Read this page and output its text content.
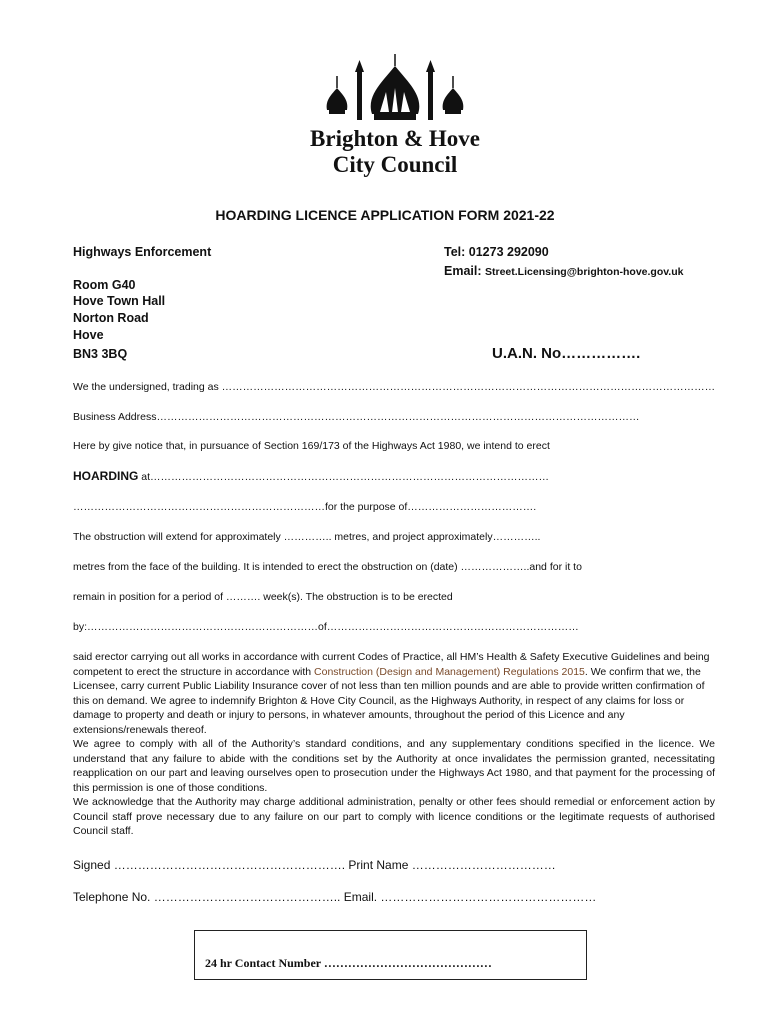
Brighton & Hove
City Council
HOARDING LICENCE APPLICATION FORM 2021-22
Highways Enforcement
Room G40
Hove Town Hall
Norton Road
Hove
BN3 3BQ
Tel: 01273 292090
Email: Street.Licensing@brighton-hove.gov.uk
U.A.N. No…………….
We the undersigned, trading as ……………………………………………………………………………………………………………………………
Business Address…………………………………………………………………………………………………………………………
Here by give notice that, in pursuance of Section 169/173 of the Highways Act 1980, we intend to erect
HOARDING at……………………………………………………………………………………………………
………………………………………………………………for the purpose of……………………………….
The obstruction will extend for approximately ………….. metres, and project approximately…………..
metres from the face of the building. It is intended to erect the obstruction on (date) ………………..and for it to
remain in position for a period of ………. week(s). The obstruction is to be erected
by:…………………………………………………………of………………………………………………………………

said erector carrying out all works in accordance with current Codes of Practice, all HM’s Health & Safety Executive Guidelines and being competent to erect the structure in accordance with Construction (Design and Management) Regulations 2015. We confirm that we, the Licensee, carry current Public Liability Insurance cover of not less than ten million pounds and are able to provide written confirmation of this on demand. We agree to indemnify Brighton & Hove City Council, as the Highways Authority, in respect of any claims for loss or damage to property and death or injury to persons, in whatever amounts, throughout the period of this Licence and any extensions/renewals thereof.

We agree to comply with all of the Authority’s standard conditions, and any supplementary conditions specified in the licence. We understand that any failure to abide with the conditions set by the Authority at once invalidates the permission granted, necessitating reapplication on our part and leaving ourselves open to prosecution under the Highways Act 1980, and that payment for the processing of this permission is one of those conditions.

We acknowledge that the Authority may charge additional administration, penalty or other fees should remedial or enforcement action by Council staff prove necessary due to any failure on our part to comply with licence conditions or the legitimate requests of authorised Council staff.

Signed …………………………………………………. Print Name ………………………………
Telephone No. ……………………………………….. Email. ………………………………………………
24 hr Contact Number ……………………………………
